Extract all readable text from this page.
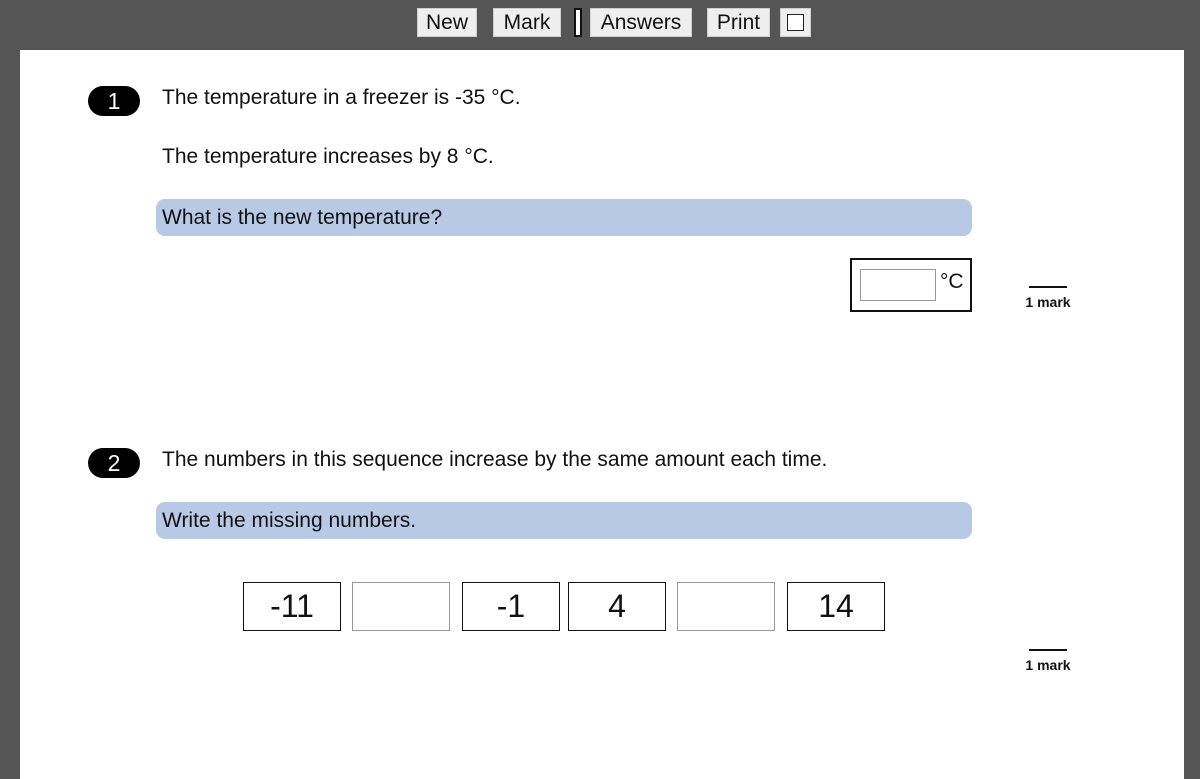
New	Mark	Answers	Print
1	The temperature in a freezer is -35 °C.
The temperature increases by 8 °C.
What is the new temperature?
°C
1 mark
2	The numbers in this sequence increase by the same amount each time.
Write the missing numbers.
-11	-1	4	14
1 mark
